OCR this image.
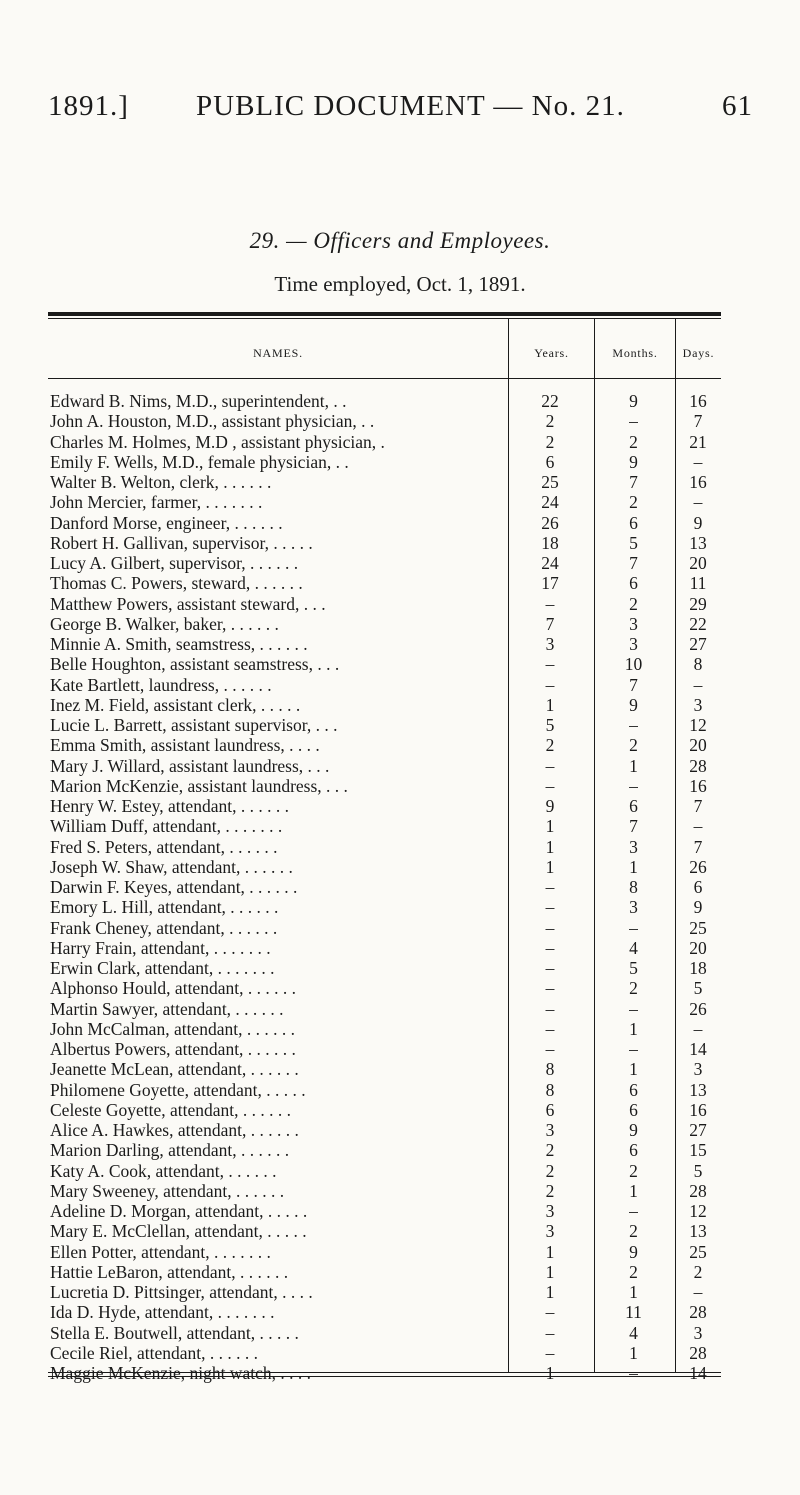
1891.] PUBLIC DOCUMENT — No. 21.	61
29. — Officers and Employees.
Time employed, Oct. 1, 1891.
NAMES.	Years.	Months.	Days.
Edward B. Nims, M.D., superintendent, . .	22	9	16
John A. Houston, M.D., assistant physician, . .	2	–	7
Charles M. Holmes, M.D , assistant physician, .	2	2	21
Emily F. Wells, M.D., female physician, . .	6	9	–
Walter B. Welton, clerk, . . . . . .	25	7	16
John Mercier, farmer, . . . . . . .	24	2	–
Danford Morse, engineer, . . . . . .	26	6	9
Robert H. Gallivan, supervisor, . . . . .	18	5	13
Lucy A. Gilbert, supervisor, . . . . . .	24	7	20
Thomas C. Powers, steward, . . . . . .	17	6	11
Matthew Powers, assistant steward, . . .	–	2	29
George B. Walker, baker, . . . . . .	7	3	22
Minnie A. Smith, seamstress, . . . . . .	3	3	27
Belle Houghton, assistant seamstress, . . .	–	10	8
Kate Bartlett, laundress, . . . . . .	–	7	–
Inez M. Field, assistant clerk, . . . . .	1	9	3
Lucie L. Barrett, assistant supervisor, . . .	5	–	12
Emma Smith, assistant laundress, . . . .	2	2	20
Mary J. Willard, assistant laundress, . . .	–	1	28
Marion McKenzie, assistant laundress, . . .	–	–	16
Henry W. Estey, attendant, . . . . . .	9	6	7
William Duff, attendant, . . . . . . .	1	7	–
Fred S. Peters, attendant, . . . . . .	1	3	7
Joseph W. Shaw, attendant, . . . . . .	1	1	26
Darwin F. Keyes, attendant, . . . . . .	–	8	6
Emory L. Hill, attendant, . . . . . .	–	3	9
Frank Cheney, attendant, . . . . . .	–	–	25
Harry Frain, attendant, . . . . . . .	–	4	20
Erwin Clark, attendant, . . . . . . .	–	5	18
Alphonso Hould, attendant, . . . . . .	–	2	5
Martin Sawyer, attendant, . . . . . .	–	–	26
John McCalman, attendant, . . . . . .	–	1	–
Albertus Powers, attendant, . . . . . .	–	–	14
Jeanette McLean, attendant, . . . . . .	8	1	3
Philomene Goyette, attendant, . . . . .	8	6	13
Celeste Goyette, attendant, . . . . . .	6	6	16
Alice A. Hawkes, attendant, . . . . . .	3	9	27
Marion Darling, attendant, . . . . . .	2	6	15
Katy A. Cook, attendant, . . . . . .	2	2	5
Mary Sweeney, attendant, . . . . . .	2	1	28
Adeline D. Morgan, attendant, . . . . .	3	–	12
Mary E. McClellan, attendant, . . . . .	3	2	13
Ellen Potter, attendant, . . . . . . .	1	9	25
Hattie LeBaron, attendant, . . . . . .	1	2	2
Lucretia D. Pittsinger, attendant, . . . .	1	1	–
Ida D. Hyde, attendant, . . . . . . .	–	11	28
Stella E. Boutwell, attendant, . . . . .	–	4	3
Cecile Riel, attendant, . . . . . .	–	1	28
Maggie McKenzie, night watch, . . . .	1	–	14
